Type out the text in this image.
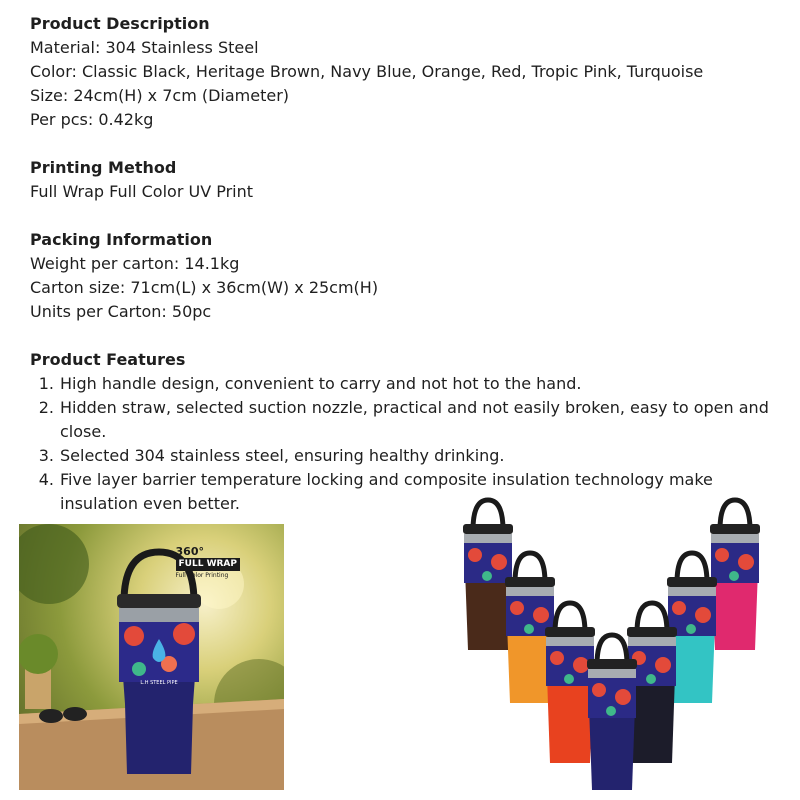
Product Description
Material: 304 Stainless Steel
Color: Classic Black, Heritage Brown, Navy Blue, Orange, Red, Tropic Pink, Turquoise
Size: 24cm(H) x 7cm (Diameter)
Per pcs: 0.42kg
Printing Method
Full Wrap Full Color UV Print
Packing Information
Weight per carton: 14.1kg
Carton size: 71cm(L) x 36cm(W) x 25cm(H)
Units per Carton: 50pc
Product Features
1. High handle design, convenient to carry and not hot to the hand.
2. Hidden straw, selected suction nozzle, practical and not easily broken, easy to open and close.
3. Selected 304 stainless steel, ensuring healthy drinking.
4. Five layer barrier temperature locking and composite insulation technology make insulation even better.
L.H STEEL PIPE
360°
FULL WRAP
Full Color Printing
